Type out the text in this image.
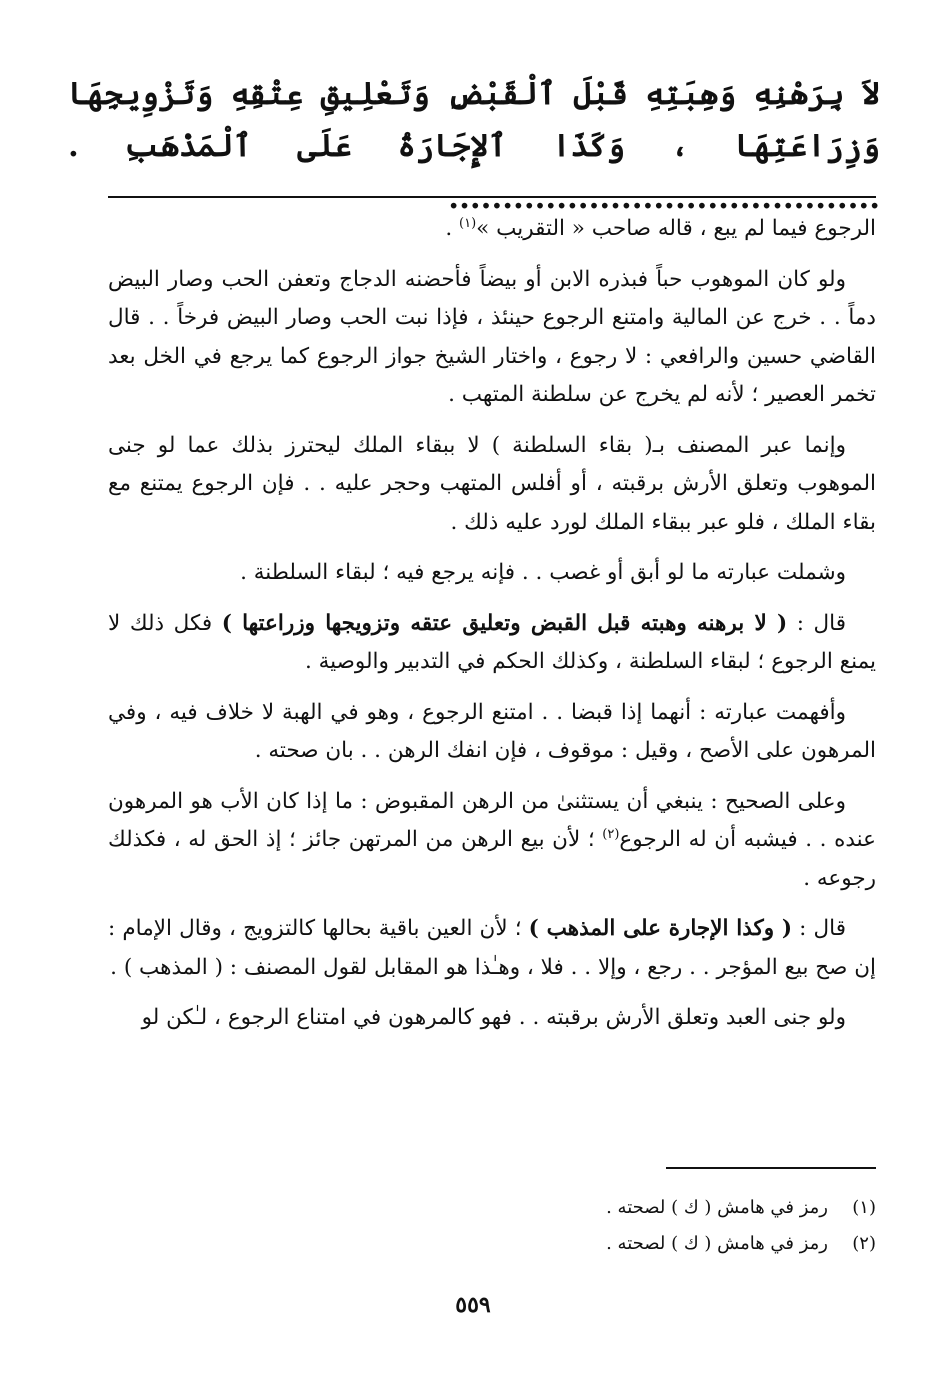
لاَ بِرَهْنِهِ وَهِبَتِهِ قَبْلَ ٱلْقَبْضِ وَتَعْلِيقِ عِتْقِهِ وَتَزْوِيجِهَا وَزِرَاعَتِهَا ، وَكَذَا ٱلإِجَارَةُ عَلَى ٱلْمَذْهَبِ . ........................................

الرجوع فيما لم يبع ، قاله صاحب « التقريب »$^{(١)}$ .

ولو كان الموهوب حباً فبذره الابن أو بيضاً فأحضنه الدجاج وتعفن الحب وصار البيض دماً . . خرج عن المالية وامتنع الرجوع حينئذ ، فإذا نبت الحب وصار البيض فرخاً . . قال القاضي حسين والرافعي : لا رجوع ، واختار الشيخ جواز الرجوع كما يرجع في الخل بعد تخمر العصير ؛ لأنه لم يخرج عن سلطنة المتهب .

وإنما عبر المصنف بـ( بقاء السلطنة ) لا ببقاء الملك ليحترز بذلك عما لو جنى الموهوب وتعلق الأرش برقبته ، أو أفلس المتهب وحجر عليه . . فإن الرجوع يمتنع مع بقاء الملك ، فلو عبر ببقاء الملك لورد عليه ذلك .

وشملت عبارته ما لو أبق أو غصب . . فإنه يرجع فيه ؛ لبقاء السلطنة .

قال : ( لا برهنه وهبته قبل القبض وتعليق عتقه وتزويجها وزراعتها ) فكل ذلك لا يمنع الرجوع ؛ لبقاء السلطنة ، وكذلك الحكم في التدبير والوصية .

وأفهمت عبارته : أنهما إذا قبضا . . امتنع الرجوع ، وهو في الهبة لا خلاف فيه ، وفي المرهون على الأصح ، وقيل : موقوف ، فإن انفك الرهن . . بان صحته .

وعلى الصحيح : ينبغي أن يستثنىٰ من الرهن المقبوض : ما إذا كان الأب هو المرهون عنده . . فيشبه أن له الرجوع$^{(٢)}$ ؛ لأن بيع الرهن من المرتهن جائز ؛ إذ الحق له ، فكذلك رجوعه .

قال : ( وكذا الإجارة على المذهب ) ؛ لأن العين باقية بحالها كالتزويج ، وقال الإمام : إن صح بيع المؤجر . . رجع ، وإلا . . فلا ، وهـٰذا هو المقابل لقول المصنف : ( المذهب ) .

ولو جنى العبد وتعلق الأرش برقبته . . فهو كالمرهون في امتناع الرجوع ، لـٰكن لو

(١)
رمز في هامش ( ك ) لصحته .
(٢)
رمز في هامش ( ك ) لصحته .
٥٥٩
